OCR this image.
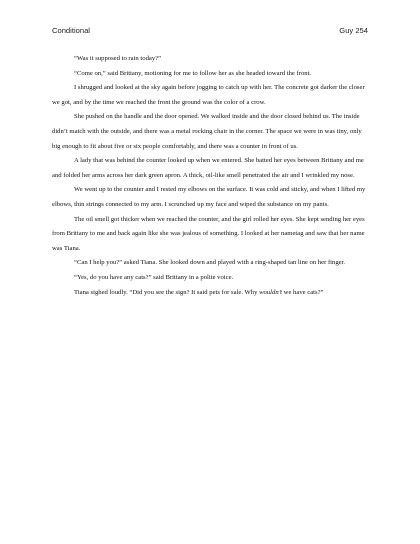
Conditional	Guy 254

“Was it supposed to rain today?”

“Come on,” said Brittany, motioning for me to follow her as she headed toward the front.

I shrugged and looked at the sky again before jogging to catch up with her. The concrete got darker the closer we got, and by the time we reached the front the ground was the color of a crow.

She pushed on the handle and the door opened. We walked inside and the door closed behind us. The inside didn’t match with the outside, and there was a metal rocking chair in the corner. The space we were in was tiny, only big enough to fit about five or six people comfortably, and there was a counter in front of us.

A lady that was behind the counter looked up when we entered. She batted her eyes between Brittany and me and folded her arms across her dark green apron. A thick, oil-like smell penetrated the air and I wrinkled my nose.

We went up to the counter and I rested my elbows on the surface. It was cold and sticky, and when I lifted my elbows, thin strings connected to my arm. I scrunched up my face and wiped the substance on my pants.

The oil smell got thicker when we reached the counter, and the girl rolled her eyes. She kept sending her eyes from Brittany to me and back again like she was jealous of something. I looked at her nametag and saw that her name was Tiana.

“Can I help you?” asked Tiana. She looked down and played with a ring-shaped tan line on her finger.

“Yes, do you have any cats?” said Brittany in a polite voice.

Tiana sighed loudly. “Did you see the sign? It said pets for sale. Why wouldn’t we have cats?”
